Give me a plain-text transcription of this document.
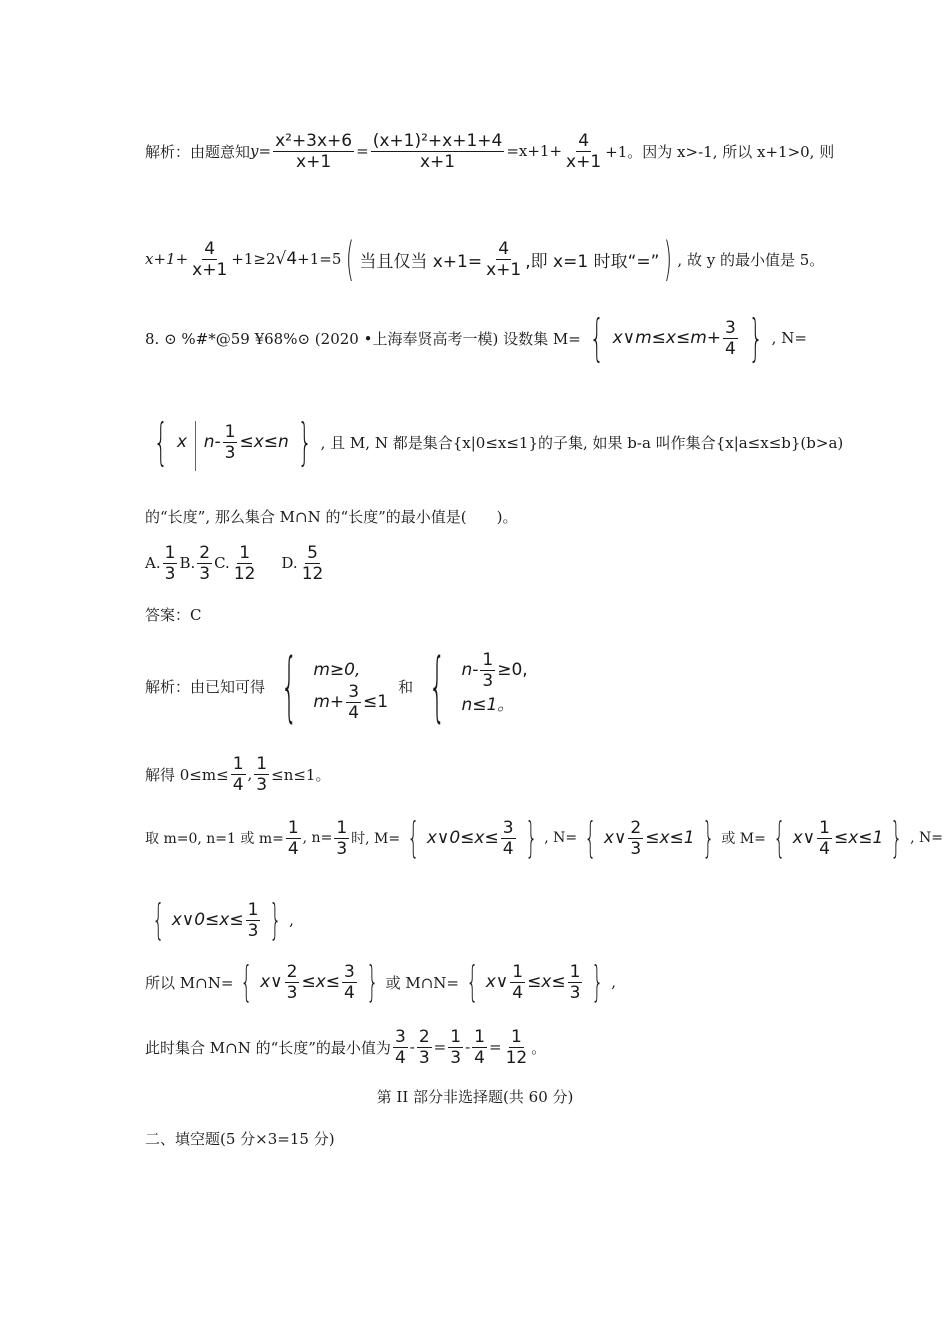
解析：由题意知 $y= \frac{\text{x²+3x+6}}{x+1} = \frac{\text{(x+1)²+x+1+4}}{x+1} =x+1+ \frac{4}{x+1} +1$。因为 x>-1, 所以 x+1>0, 则
$x+1+ \frac{4}{x+1} +1\ge 2$ √4 +1=5 ( 当且仅当 $x+1= \frac{4}{x+1}$ ,即 x=1 时取“=” ) , 故 y 的最小值是 5。
8. ⊙ %#*@59 ¥68%⊙ (2020 •上海奉贤高考一模) 设数集 M= { x∨m≤x≤m+ $\frac{3}{4}$ } , N=
{ x | $n- \frac{1}{3} \le x\le n$ } , 且 M, N 都是集合{x|0≤x≤1}的子集, 如果 b-a 叫作集合{x|a≤x≤b}(b>a)
的“长度”, 那么集合 M∩N 的“长度”的最小值是(　　)。
A. $\frac{1}{3} B$. $\frac{2}{3} C$. $\frac{1}{12} D$. $\frac{5}{12}$
答案：C
解析：由已知可得 { m≥0,
$m+ \frac{3}{4} \le 1$
和 { $n- \frac{1}{3} \ge 0$,
n≤1。
解得 $0\le m\le \frac{1}{4}$ , $\frac{1}{3} \le n\le 1$。
取 m=0, n=1 或 $m= \frac{1}{4}$ , $n= \frac{1}{3}$ 时, M= { x∨0≤x≤ $\frac{3}{4}$ } , N= { x∨ $\frac{2}{3} \le x\le 1$ } 或 M= { x∨ $\frac{1}{4} \le x\le 1$ } , N=
{ x∨0≤x≤ $\frac{1}{3}$ } ,
所以 M∩N= { x∨ $\frac{2}{3} \le x\le \frac{3}{4}$ } 或 M∩N= { x∨ $\frac{1}{4} \le x\le \frac{1}{3}$ } ,
此时集合 M∩N 的“长度”的最小值为 $\frac{3}{4} - \frac{2}{3} = \frac{1}{3} - \frac{1}{4} = \frac{1}{12}$ 。
第 II 部分非选择题(共 60 分)
二、填空题(5 分×3=15 分)
